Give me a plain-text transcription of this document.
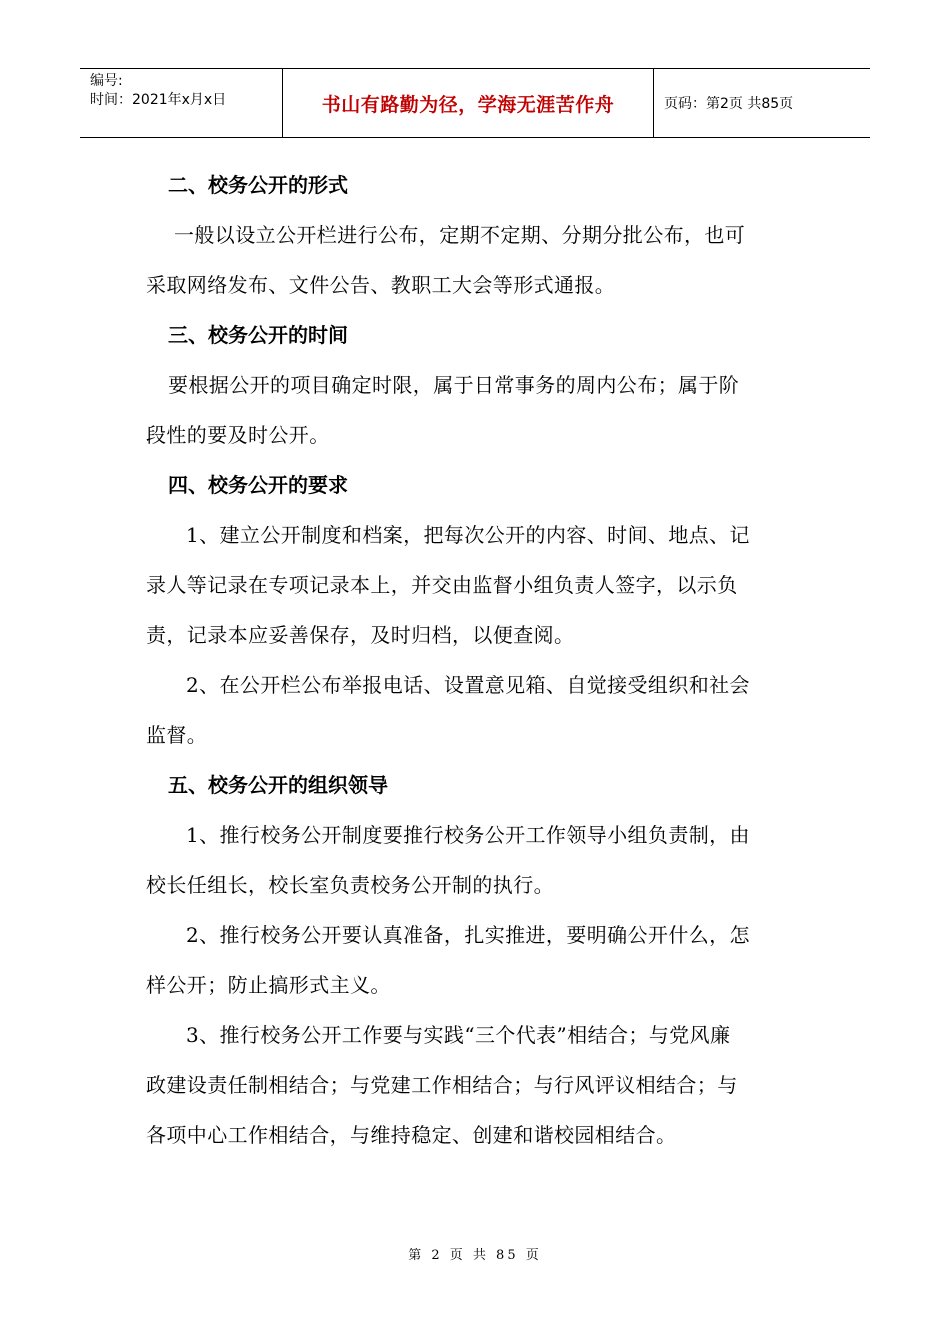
编号:
时间：2021年x月x日	书山有路勤为径，学海无涯苦作舟	页码：第2页 共85页
二、校务公开的形式

一般以设立公开栏进行公布，定期不定期、分期分批公布，也可
采取网络发布、文件公告、教职工大会等形式通报。

三、校务公开的时间

要根据公开的项目确定时限，属于日常事务的周内公布；属于阶
段性的要及时公开。

四、校务公开的要求

1、建立公开制度和档案，把每次公开的内容、时间、地点、记
录人等记录在专项记录本上，并交由监督小组负责人签字，以示负
责，记录本应妥善保存，及时归档，以便查阅。

2、在公开栏公布举报电话、设置意见箱、自觉接受组织和社会
监督。

五、校务公开的组织领导

1、推行校务公开制度要推行校务公开工作领导小组负责制，由
校长任组长，校长室负责校务公开制的执行。

2、推行校务公开要认真准备，扎实推进，要明确公开什么，怎
样公开；防止搞形式主义。

3、推行校务公开工作要与实践“三个代表”相结合；与党风廉
政建设责任制相结合；与党建工作相结合；与行风评议相结合；与
各项中心工作相结合，与维持稳定、创建和谐校园相结合。

第 2 页 共 85 页
